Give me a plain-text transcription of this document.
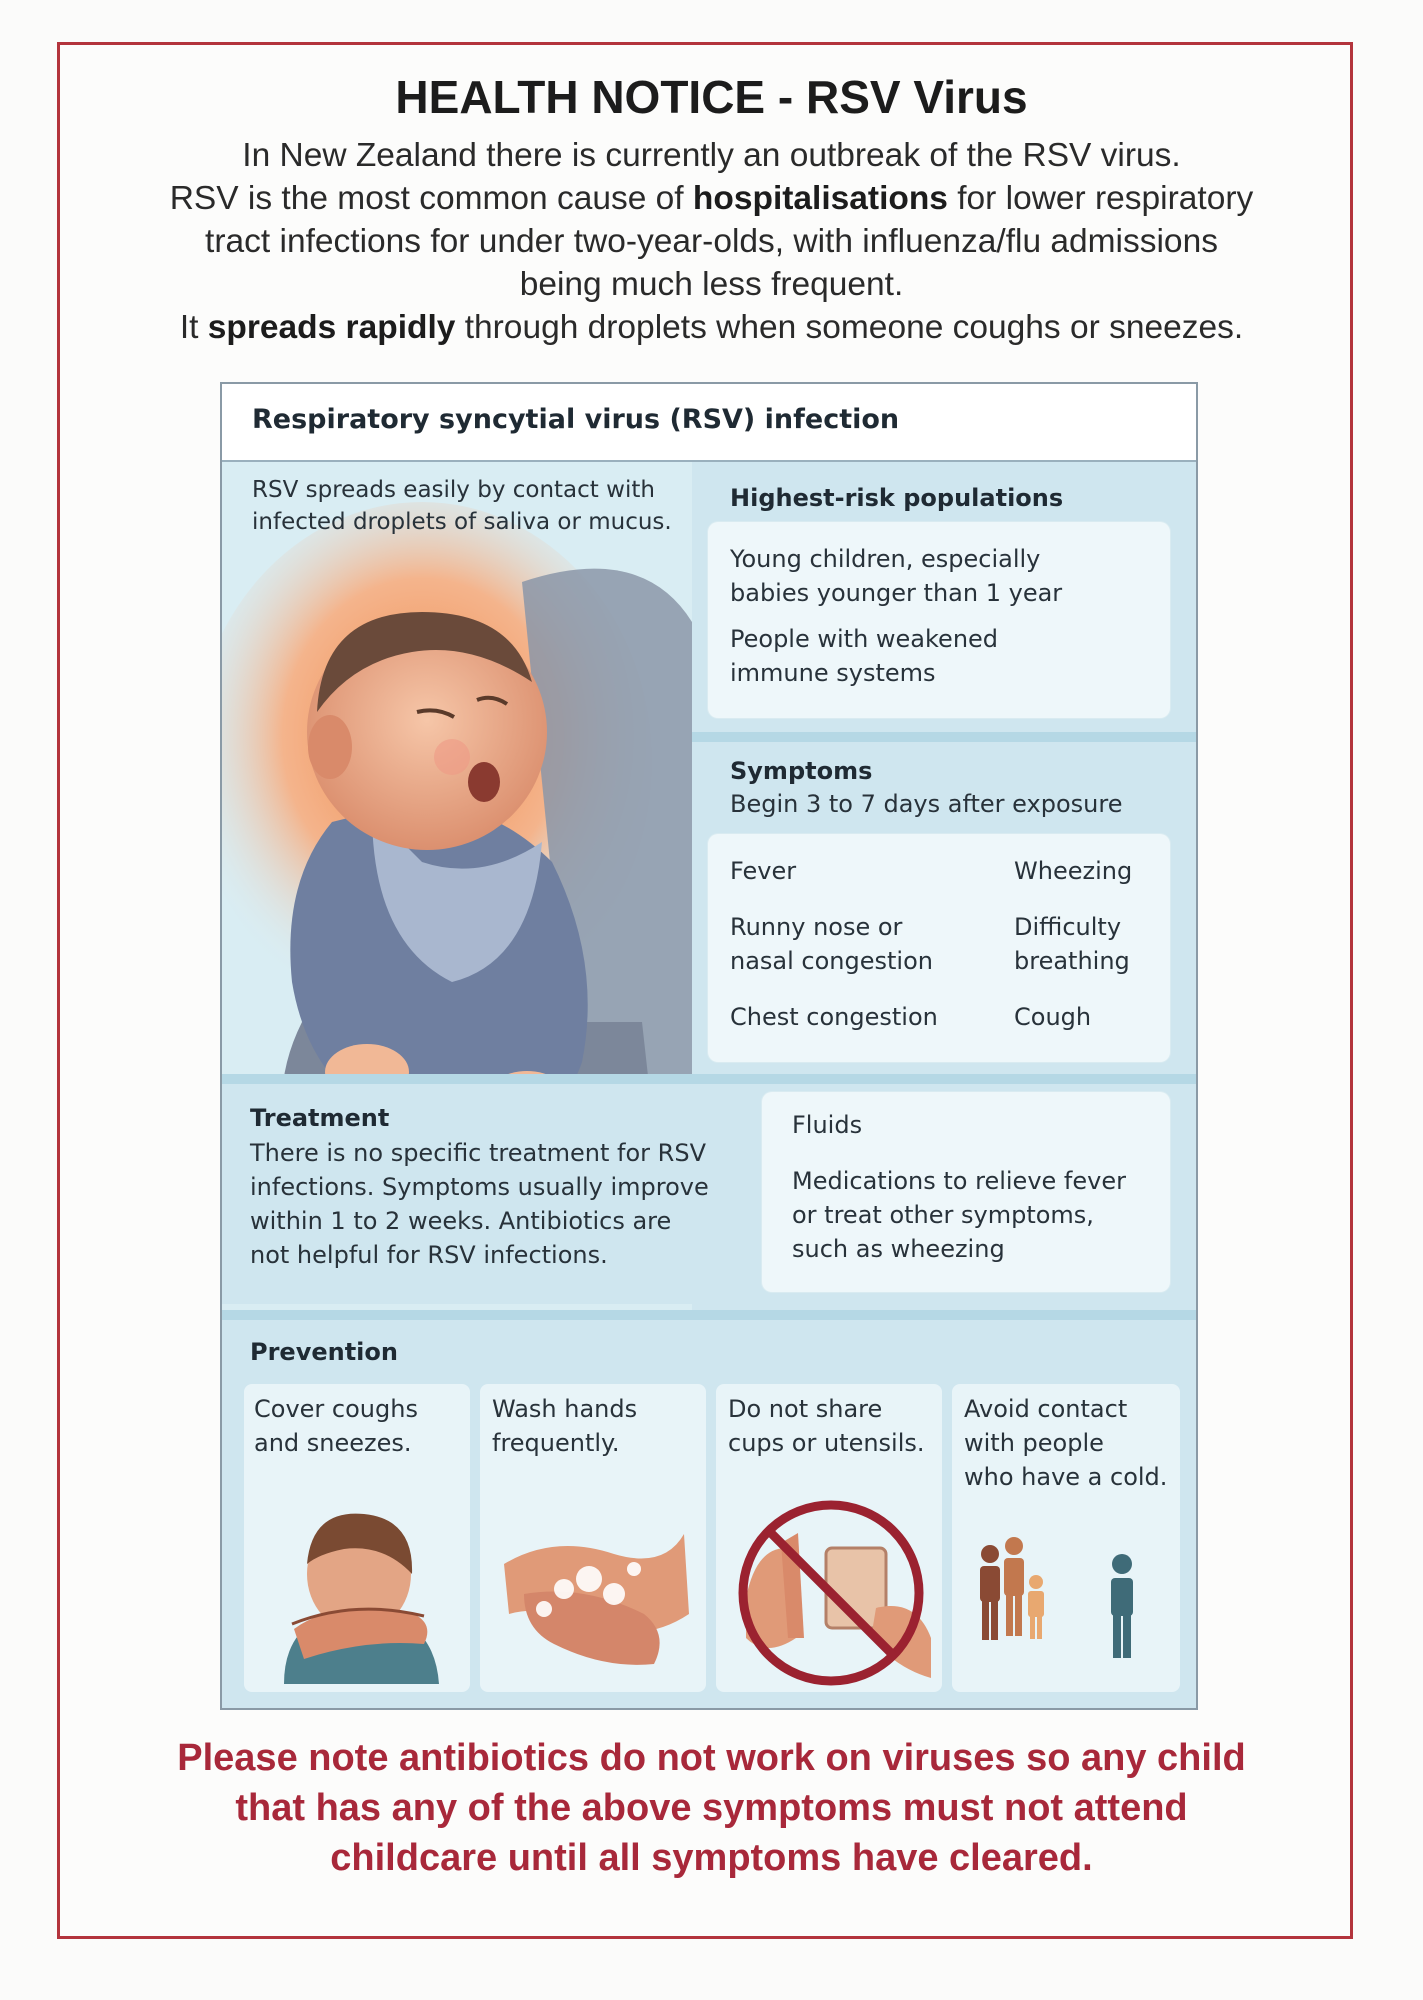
HEALTH NOTICE - RSV Virus
In New Zealand there is currently an outbreak of the RSV virus.
RSV is the most common cause of hospitalisations for lower respiratory
tract infections for under two-year-olds, with influenza/flu admissions
being much less frequent.
It spreads rapidly through droplets when someone coughs or sneezes.
Respiratory syncytial virus (RSV) infection
RSV spreads easily by contact with
infected droplets of saliva or mucus.
Highest-risk populations
Young children, especially
babies younger than 1 year
People with weakened
immune systems
Symptoms
Begin 3 to 7 days after exposure
Fever
Runny nose or
nasal congestion
Chest congestion
Wheezing
Difficulty
breathing
Cough
Treatment
There is no specific treatment for RSV
infections. Symptoms usually improve
within 1 to 2 weeks. Antibiotics are
not helpful for RSV infections.
Fluids
Medications to relieve fever
or treat other symptoms,
such as wheezing
Prevention
Cover coughs
and sneezes.
Wash hands
frequently.
Do not share
cups or utensils.
Avoid contact
with people
who have a cold.
Please note antibiotics do not work on viruses so any child
that has any of the above symptoms must not attend
childcare until all symptoms have cleared.
